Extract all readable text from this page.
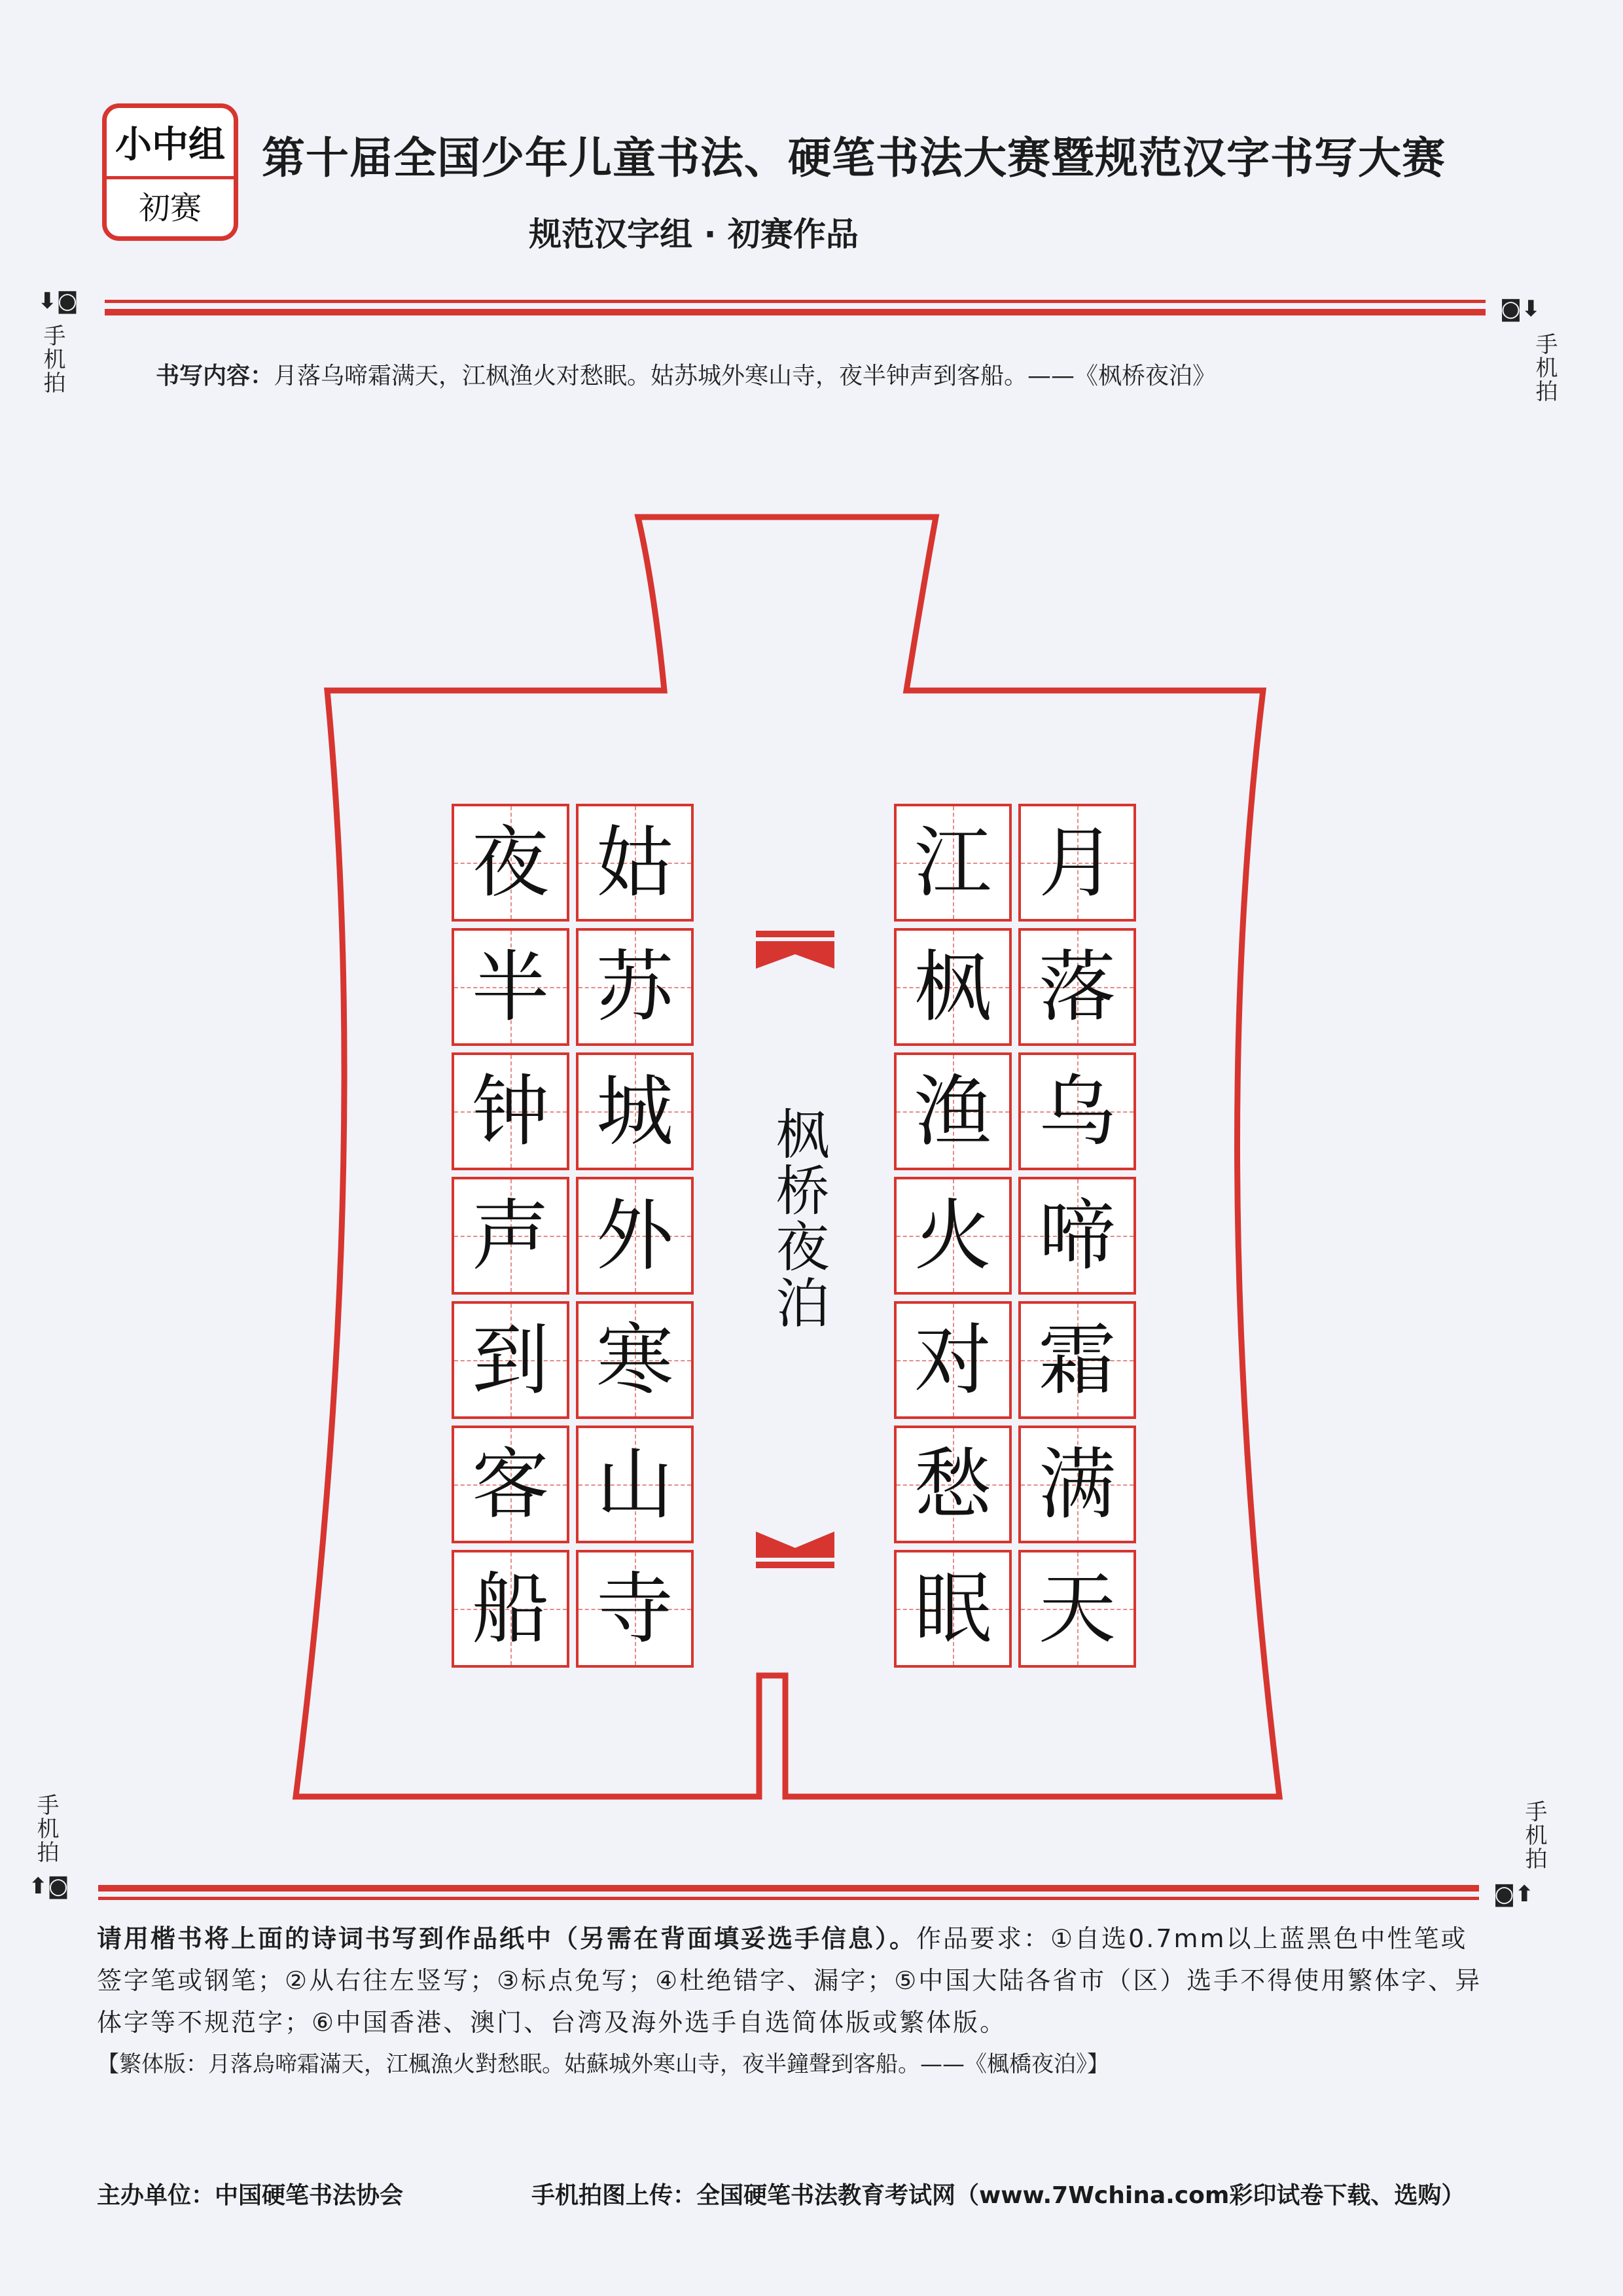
小中组
初赛
第十届全国少年儿童书法、硬笔书法大赛暨规范汉字书写大赛
规范汉字组 · 初赛作品
⬇◙
手机拍
◙⬇
手机拍
书写内容：月落乌啼霜满天，江枫渔火对愁眠。姑苏城外寒山寺，夜半钟声到客船。——《枫桥夜泊》
夜
半
钟
声
到
客
船
姑
苏
城
外
寒
山
寺
江
枫
渔
火
对
愁
眠
月
落
乌
啼
霜
满
天
枫桥夜泊
手机拍
⬆◙
手机拍
◙⬆
请用楷书将上面的诗词书写到作品纸中（另需在背面填妥选手信息）。作品要求：①自选0.7mm以上蓝黑色中性笔或签字笔或钢笔；②从右往左竖写；③标点免写；④杜绝错字、漏字；⑤中国大陆各省市（区）选手不得使用繁体字、异体字等不规范字；⑥中国香港、澳门、台湾及海外选手自选简体版或繁体版。
【繁体版：月落烏啼霜滿天，江楓漁火對愁眠。姑蘇城外寒山寺，夜半鐘聲到客船。——《楓橋夜泊》】
主办单位：中国硬笔书法协会	手机拍图上传：全国硬笔书法教育考试网（www.7Wchina.com彩印试卷下载、选购）
